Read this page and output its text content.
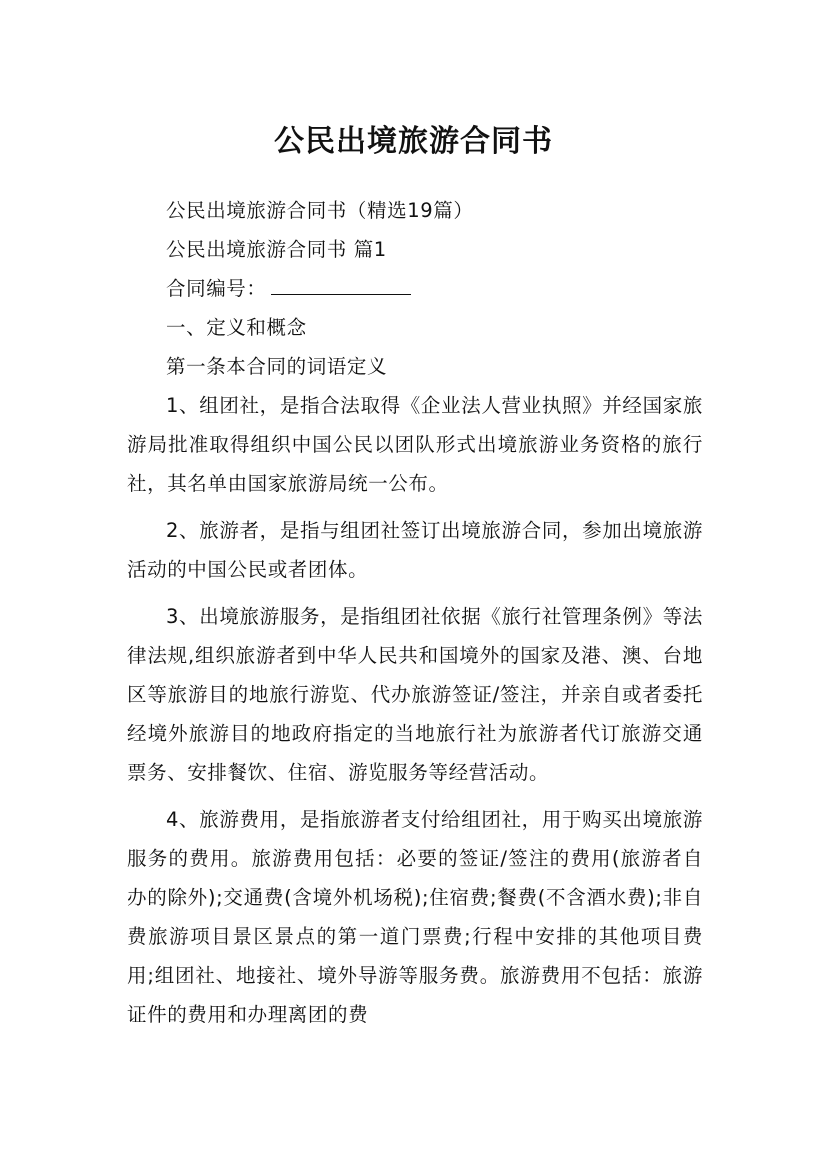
公民出境旅游合同书

公民出境旅游合同书（精选19篇）

公民出境旅游合同书 篇1

合同编号：

一、定义和概念

第一条本合同的词语定义

1、组团社，是指合法取得《企业法人营业执照》并经国家旅游局批准取得组织中国公民以团队形式出境旅游业务资格的旅行社，其名单由国家旅游局统一公布。

2、旅游者，是指与组团社签订出境旅游合同，参加出境旅游活动的中国公民或者团体。

3、出境旅游服务，是指组团社依据《旅行社管理条例》等法律法规,组织旅游者到中华人民共和国境外的国家及港、澳、台地区等旅游目的地旅行游览、代办旅游签证/签注，并亲自或者委托经境外旅游目的地政府指定的当地旅行社为旅游者代订旅游交通票务、安排餐饮、住宿、游览服务等经营活动。

4、旅游费用，是指旅游者支付给组团社，用于购买出境旅游服务的费用。旅游费用包括：必要的签证/签注的费用(旅游者自办的除外);交通费(含境外机场税);住宿费;餐费(不含酒水费);非自费旅游项目景区景点的第一道门票费;行程中安排的其他项目费用;组团社、地接社、境外导游等服务费。旅游费用不包括：旅游证件的费用和办理离团的费
